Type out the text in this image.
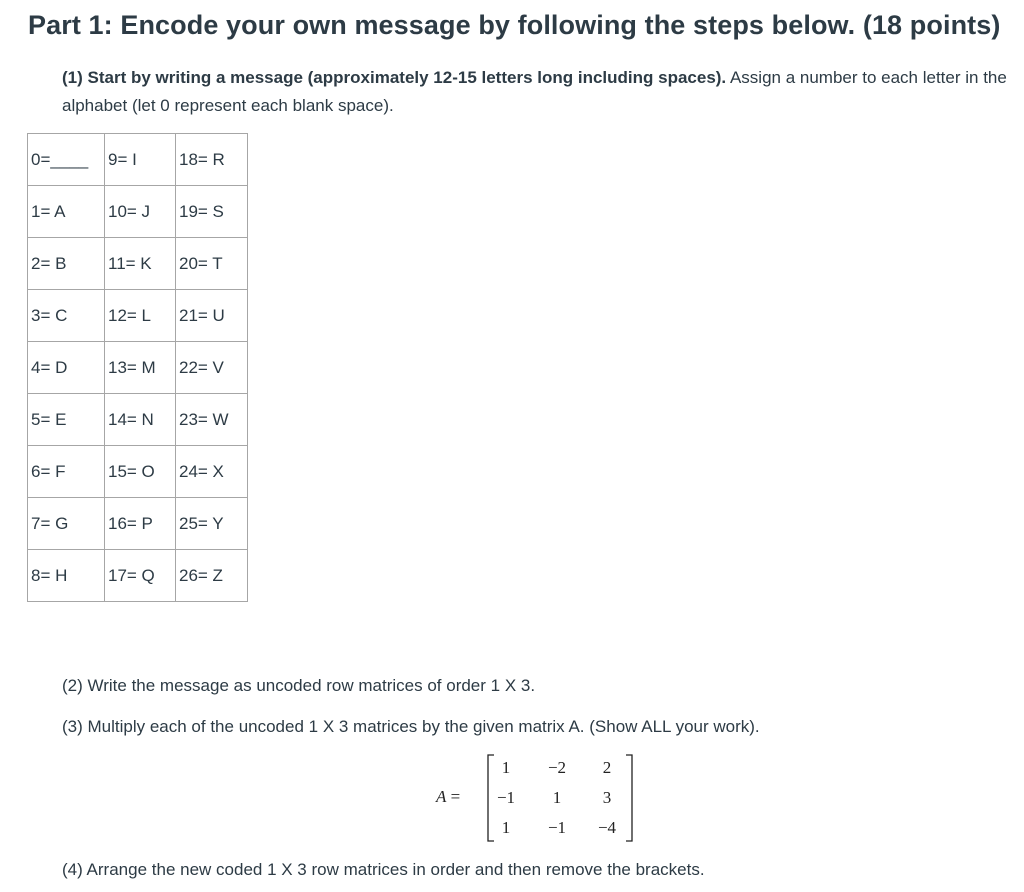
Part 1: Encode your own message by following the steps below. (18 points)

(1) Start by writing a message (approximately 12-15 letters long including spaces). Assign a number to each letter in the alphabet (let 0 represent each blank space).

0=____	9= I	18= R
1= A	10= J	19= S
2= B	11= K	20= T
3= C	12= L	21= U
4= D	13= M	22= V
5= E	14= N	23= W
6= F	15= O	24= X
7= G	16= P	25= Y
8= H	17= Q	26= Z

(2) Write the message as uncoded row matrices of order 1 X 3.

(3) Multiply each of the uncoded 1 X 3 matrices by the given matrix A. (Show ALL your work).

A =
1	−2	2
−1	1	3
1	−1	−4

(4) Arrange the new coded 1 X 3 row matrices in order and then remove the brackets.
